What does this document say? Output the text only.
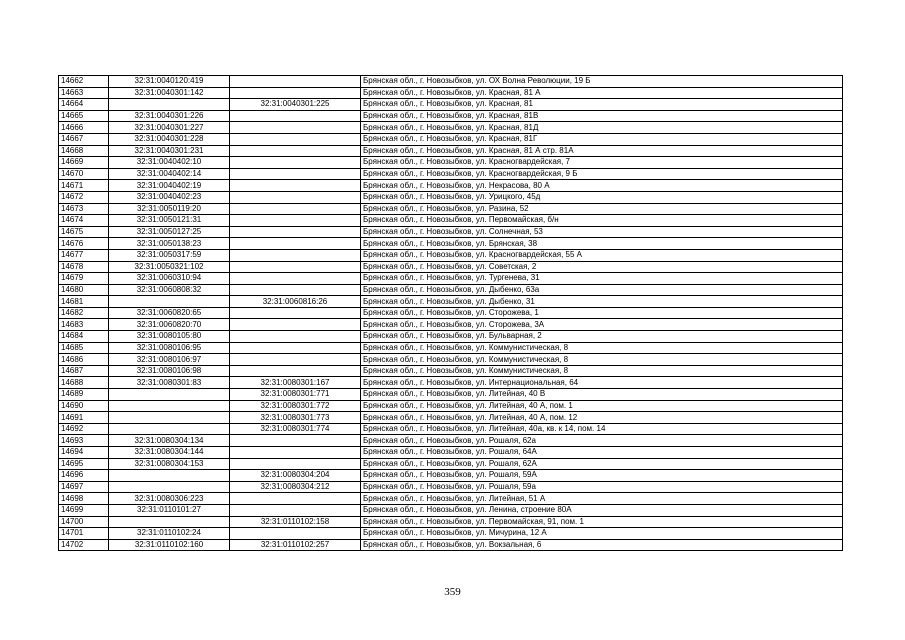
14662	32:31:0040120:419		Брянская обл., г. Новозыбков, ул. ОХ Волна Революции, 19 Б
14663	32:31:0040301:142		Брянская обл., г. Новозыбков, ул. Красная, 81 А
14664		32:31:0040301:225	Брянская обл., г. Новозыбков, ул. Красная, 81
14665	32:31:0040301:226		Брянская обл., г. Новозыбков, ул. Красная, 81В
14666	32:31:0040301:227		Брянская обл., г. Новозыбков, ул. Красная, 81Д
14667	32:31:0040301:228		Брянская обл., г. Новозыбков, ул. Красная, 81Г
14668	32:31:0040301:231		Брянская обл., г. Новозыбков, ул. Красная, 81 А стр. 81А
14669	32:31:0040402:10		Брянская обл., г. Новозыбков, ул. Красногвардейская, 7
14670	32:31:0040402:14		Брянская обл., г. Новозыбков, ул. Красногвардейская, 9 Б
14671	32:31:0040402:19		Брянская обл., г. Новозыбков, ул. Некрасова, 80 А
14672	32:31:0040402:23		Брянская обл., г. Новозыбков, ул. Урицкого, 45д
14673	32:31:0050119:20		Брянская обл., г. Новозыбков, ул. Разина, 52
14674	32:31:0050121:31		Брянская обл., г. Новозыбков, ул. Первомайская, б/н
14675	32:31:0050127:25		Брянская обл., г. Новозыбков, ул. Солнечная, 53
14676	32:31:0050138:23		Брянская обл., г. Новозыбков, ул. Брянская, 38
14677	32:31:0050317:59		Брянская обл., г. Новозыбков, ул. Красногвардейская, 55 А
14678	32:31:0050321:102		Брянская обл., г. Новозыбков, ул. Советская, 2
14679	32:31:0060310:94		Брянская обл., г. Новозыбков, ул. Тургенева, 31
14680	32:31:0060808:32		Брянская обл., г. Новозыбков, ул. Дыбенко, 63а
14681		32:31:0060816:26	Брянская обл., г. Новозыбков, ул. Дыбенко, 31
14682	32:31:0060820:65		Брянская обл., г. Новозыбков, ул. Сторожева, 1
14683	32:31:0060820:70		Брянская обл., г. Новозыбков, ул. Сторожева, 3А
14684	32:31:0080105:80		Брянская обл., г. Новозыбков, ул. Бульварная, 2
14685	32:31:0080106:95		Брянская обл., г. Новозыбков, ул. Коммунистическая, 8
14686	32:31:0080106:97		Брянская обл., г. Новозыбков, ул. Коммунистическая, 8
14687	32:31:0080106:98		Брянская обл., г. Новозыбков, ул. Коммунистическая, 8
14688	32:31:0080301:83	32:31:0080301:167	Брянская обл., г. Новозыбков, ул. Интернациональная, 64
14689		32:31:0080301:771	Брянская обл., г. Новозыбков, ул. Литейная, 40 В
14690		32:31:0080301:772	Брянская обл., г. Новозыбков, ул. Литейная, 40 А, пом. 1
14691		32:31:0080301:773	Брянская обл., г. Новозыбков, ул. Литейная, 40 А, пом. 12
14692		32:31:0080301:774	Брянская обл., г. Новозыбков, ул. Литейная, 40а, кв. к 14, пом. 14
14693	32:31:0080304:134		Брянская обл., г. Новозыбков, ул. Рошаля, 62а
14694	32:31:0080304:144		Брянская обл., г. Новозыбков, ул. Рошаля, 64А
14695	32:31:0080304:153		Брянская обл., г. Новозыбков, ул. Рошаля, 62А
14696		32:31:0080304:204	Брянская обл., г. Новозыбков, ул. Рошаля, 59А
14697		32:31:0080304:212	Брянская обл., г. Новозыбков, ул. Рошаля, 59а
14698	32:31:0080306:223		Брянская обл., г. Новозыбков, ул. Литейная, 51 А
14699	32:31:0110101:27		Брянская обл., г. Новозыбков, ул. Ленина, строение 80А
14700		32:31:0110102:158	Брянская обл., г. Новозыбков, ул. Первомайская, 91, пом. 1
14701	32:31:0110102:24		Брянская обл., г. Новозыбков, ул. Мичурина, 12 А
14702	32:31:0110102:160	32:31:0110102:257	Брянская обл., г. Новозыбков, ул. Вокзальная, 6
359
